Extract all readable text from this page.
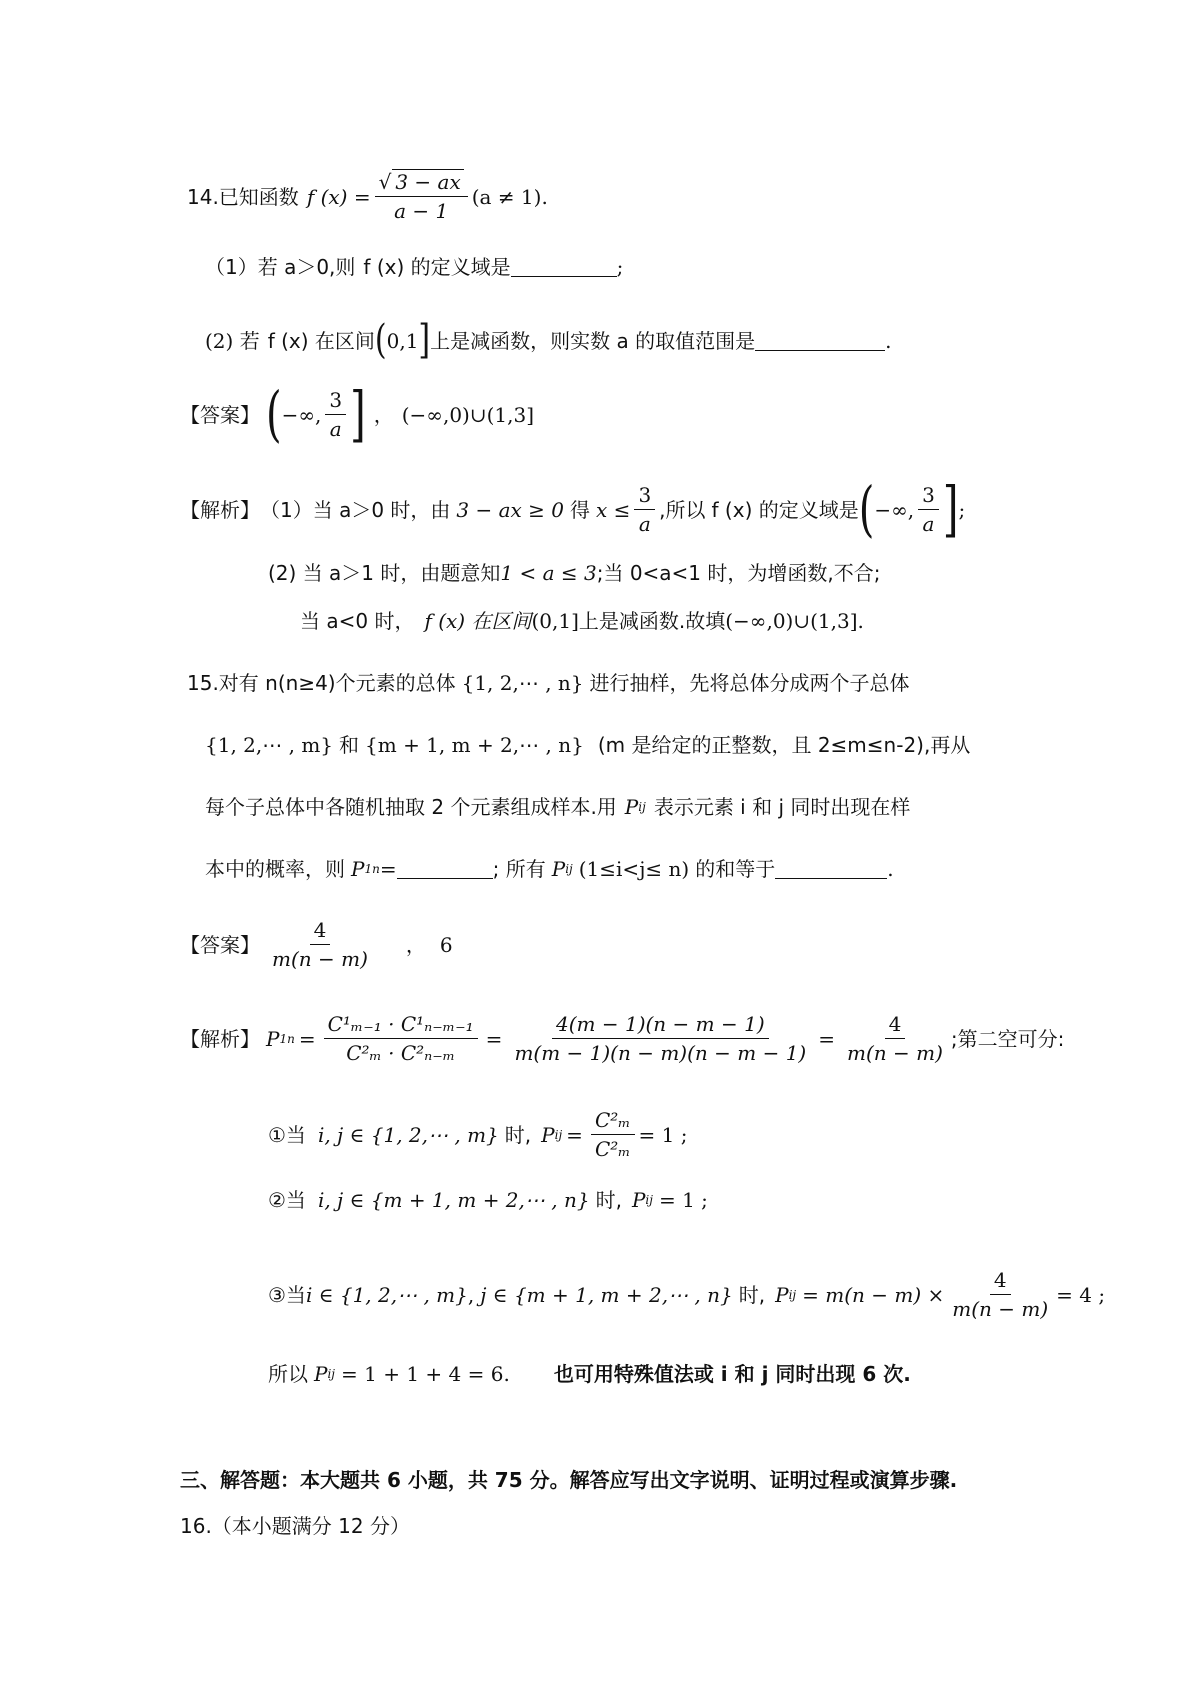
14.已知函数 f $(x) = \frac{√ 3 - ax}{a - 1} (a \ne 1)$.
（1）若 a＞0,则 f (x) 的定义域是	;
(2) 若 f (x) 在区间 ( 0,1 ] 上是减函数，则实数 a 的取值范围是	.
【答案】 ( −∞, $\frac{3}{a}$ ] ， (−∞,0)∪(1,3]
【解析】 （1）当 a＞0 时，由 3 − ax ≥ 0 得 $x \le \frac{3}{a}$ ,所以 f (x) 的定义域是 ( −∞, $\frac{3}{a}$ ] ;
(2) 当 a＞1 时，由题意知 1 < a ≤ 3 ;当 0<a<1 时，为增函数,不合;
当 a<0 时， f (x) 在区间 (0,1] 上是减函数.故填 (−∞,0)∪(1,3] .
15.对有 n(n≥4)个元素的总体 {1, 2,⋯ , n} 进行抽样，先将总体分成两个子总体
{1, 2,⋯ , m} 和 {m + 1, m + 2,⋯ , n} (m 是给定的正整数，且 2≤m≤n-2),再从
每个子总体中各随机抽取 2 个元素组成样本.用 P ij 表示元素 i 和 j 同时出现在样
本中的概率，则 P 1n =	; 所有 P ij (1≤i<j≤ n) 的和等于	.
【答案】 $\frac{4}{m(n - m)}$ ， 6
【解析】 P $1n = \frac{\text{C¹ₘ₋₁ · C¹ₙ₋ₘ₋₁}}{\text{C²ₘ · C²ₙ₋ₘ}} = \frac{4(m - 1)(n - m - 1)}{m(m - 1)(n - m)(n - m - 1)} = \frac{4}{m(n - m)}$ ;第二空可分:
①当 i, j ∈ {1, 2,⋯ , m} 时, P ij = $\frac{\text{C²ₘ}}{\text{C²ₘ}} = 1$ ;
②当 i, j ∈ {m + 1, m + 2,⋯ , n} 时, P ij = 1 ;
③当 i ∈ {1, 2,⋯ , m} , j ∈ {m + 1, m + 2,⋯ , n} 时, P ij = $m(n - m) \times \frac{4}{m(n - m)} = 4$ ;
所以 P ij = 1 + 1 + 4 = 6. 也可用特殊值法或 i 和 j 同时出现 6 次.
三、解答题：本大题共 6 小题，共 75 分。解答应写出文字说明、证明过程或演算步骤.
16.（本小题满分 12 分）
